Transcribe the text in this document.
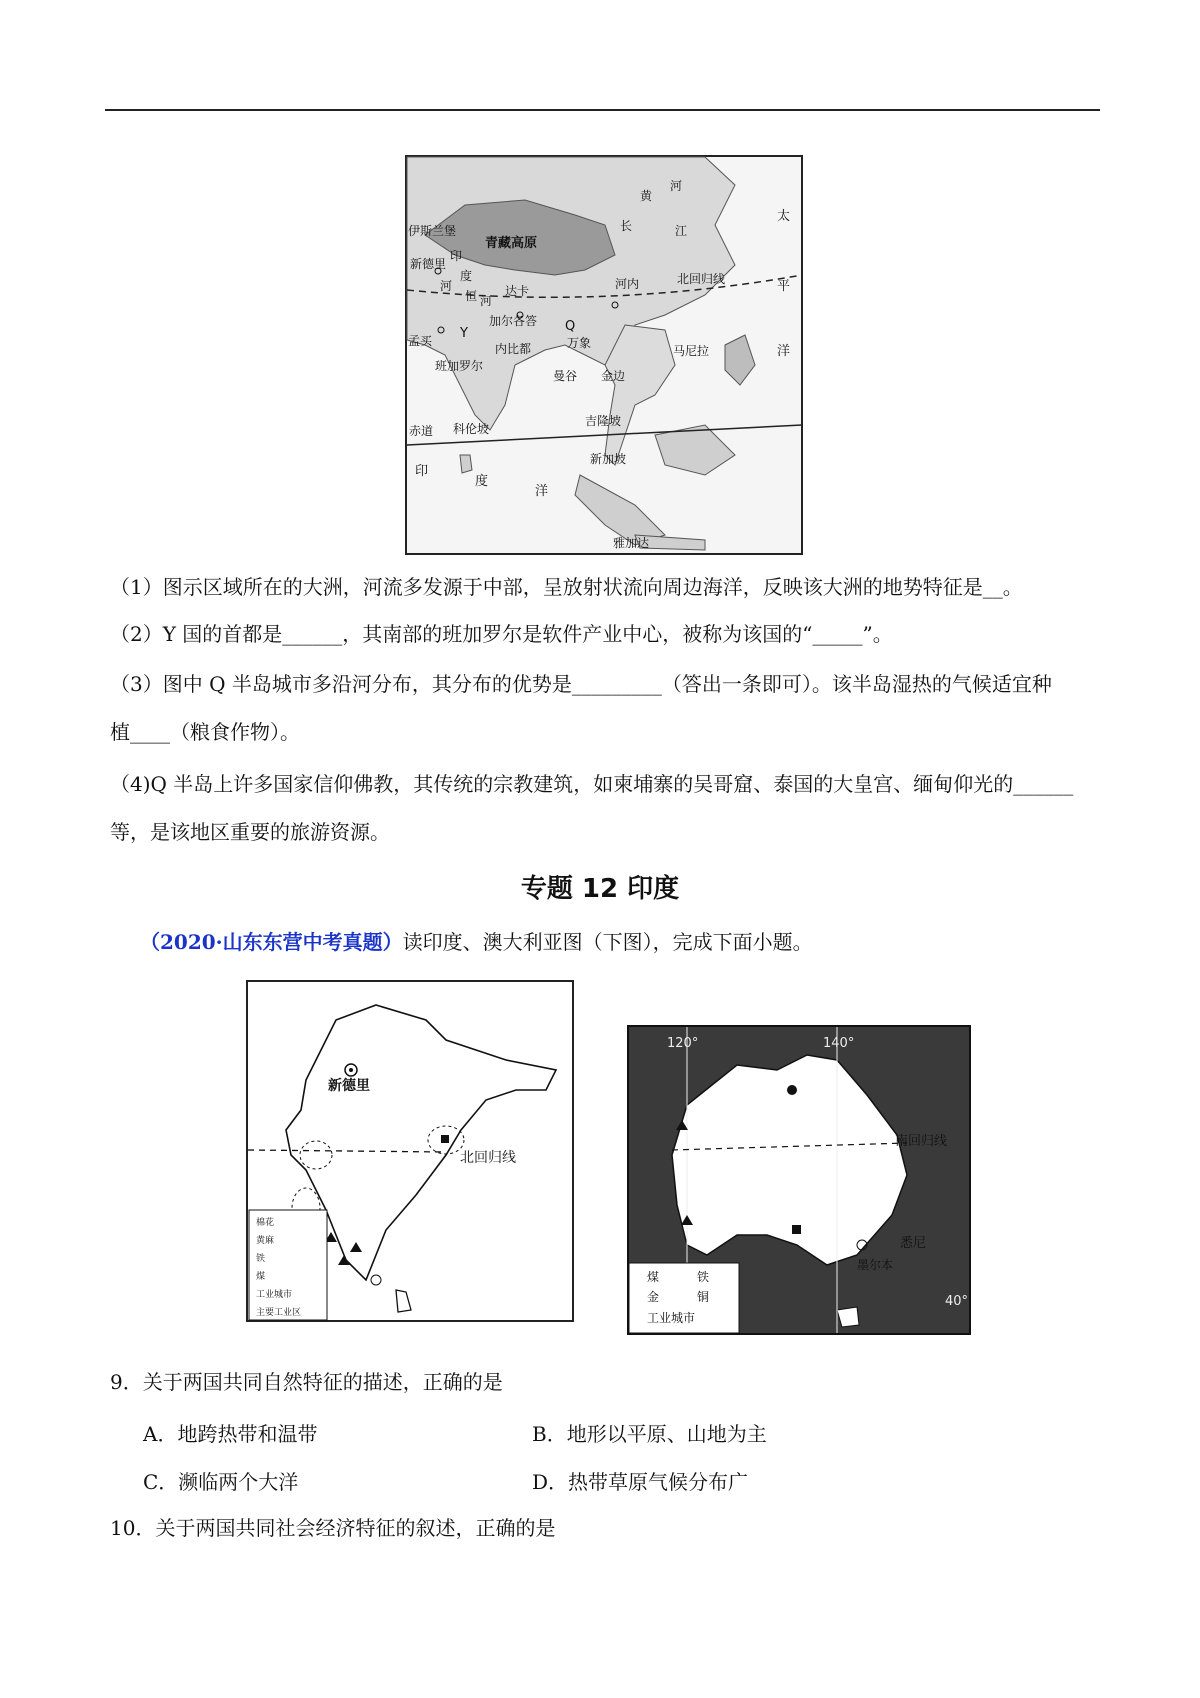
青藏高原
伊斯兰堡
新德里
达卡
加尔各答
内比都	万象
河内
马尼拉
曼谷 金边
孟买
班加罗尔
科伦坡
吉隆坡
新加坡
雅加达
Y	Q
北回归线
赤道
印
度
洋
太
平
洋
黄
河
长	江
印
度
河
恒 河
（1）图示区域所在的大洲，河流多发源于中部，呈放射状流向周边海洋，反映该大洲的地势特征是__。
（2）Y 国的首都是______，其南部的班加罗尔是软件产业中心，被称为该国的“_____”。
（3）图中 Q 半岛城市多沿河分布，其分布的优势是_________（答出一条即可）。该半岛湿热的气候适宜种
植____（粮食作物）。
（4)Q 半岛上许多国家信仰佛教，其传统的宗教建筑，如柬埔寨的吴哥窟、泰国的大皇宫、缅甸仰光的______
等，是该地区重要的旅游资源。
专题 12 印度
（2020·山东东营中考真题）读印度、澳大利亚图（下图），完成下面小题。
新德里
北回归线
棉花
黄麻
铁
煤
工业城市
主要工业区
120°	140°
40°
南回归线
悉尼
墨尔本
煤	铁
金	铜
工业城市
9．关于两国共同自然特征的描述，正确的是
A．地跨热带和温带	B．地形以平原、山地为主
C．濒临两个大洋	D．热带草原气候分布广
10．关于两国共同社会经济特征的叙述，正确的是
